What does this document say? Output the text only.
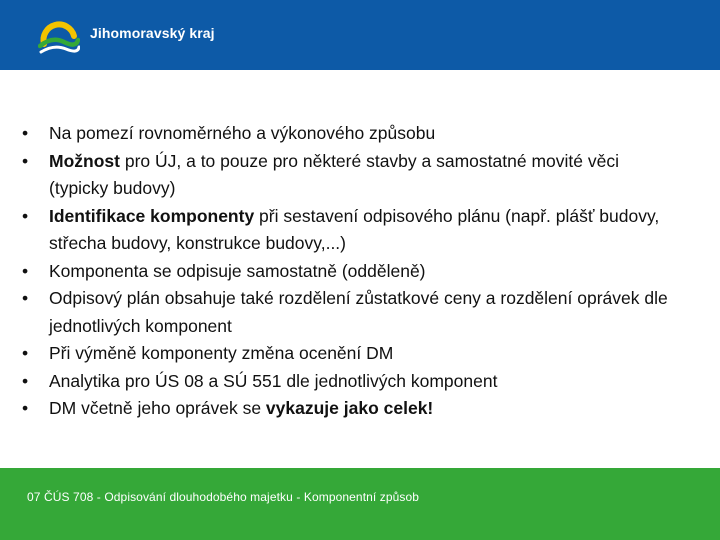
Jihomoravský kraj
• Na pomezí rovnoměrného a výkonového způsobu
• Možnost pro ÚJ, a to pouze pro některé stavby a samostatné movité věci (typicky budovy)
• Identifikace komponenty při sestavení odpisového plánu (např. plášť budovy, střecha budovy, konstrukce budovy,...)
• Komponenta se odpisuje samostatně (odděleně)
• Odpisový plán obsahuje také rozdělení zůstatkové ceny a rozdělení oprávek dle jednotlivých komponent
• Při výměně komponenty změna ocenění DM
• Analytika pro ÚS 08 a SÚ 551 dle jednotlivých komponent
• DM včetně jeho oprávek se vykazuje jako celek!
07 ČÚS 708 - Odpisování dlouhodobého majetku - Komponentní způsob
